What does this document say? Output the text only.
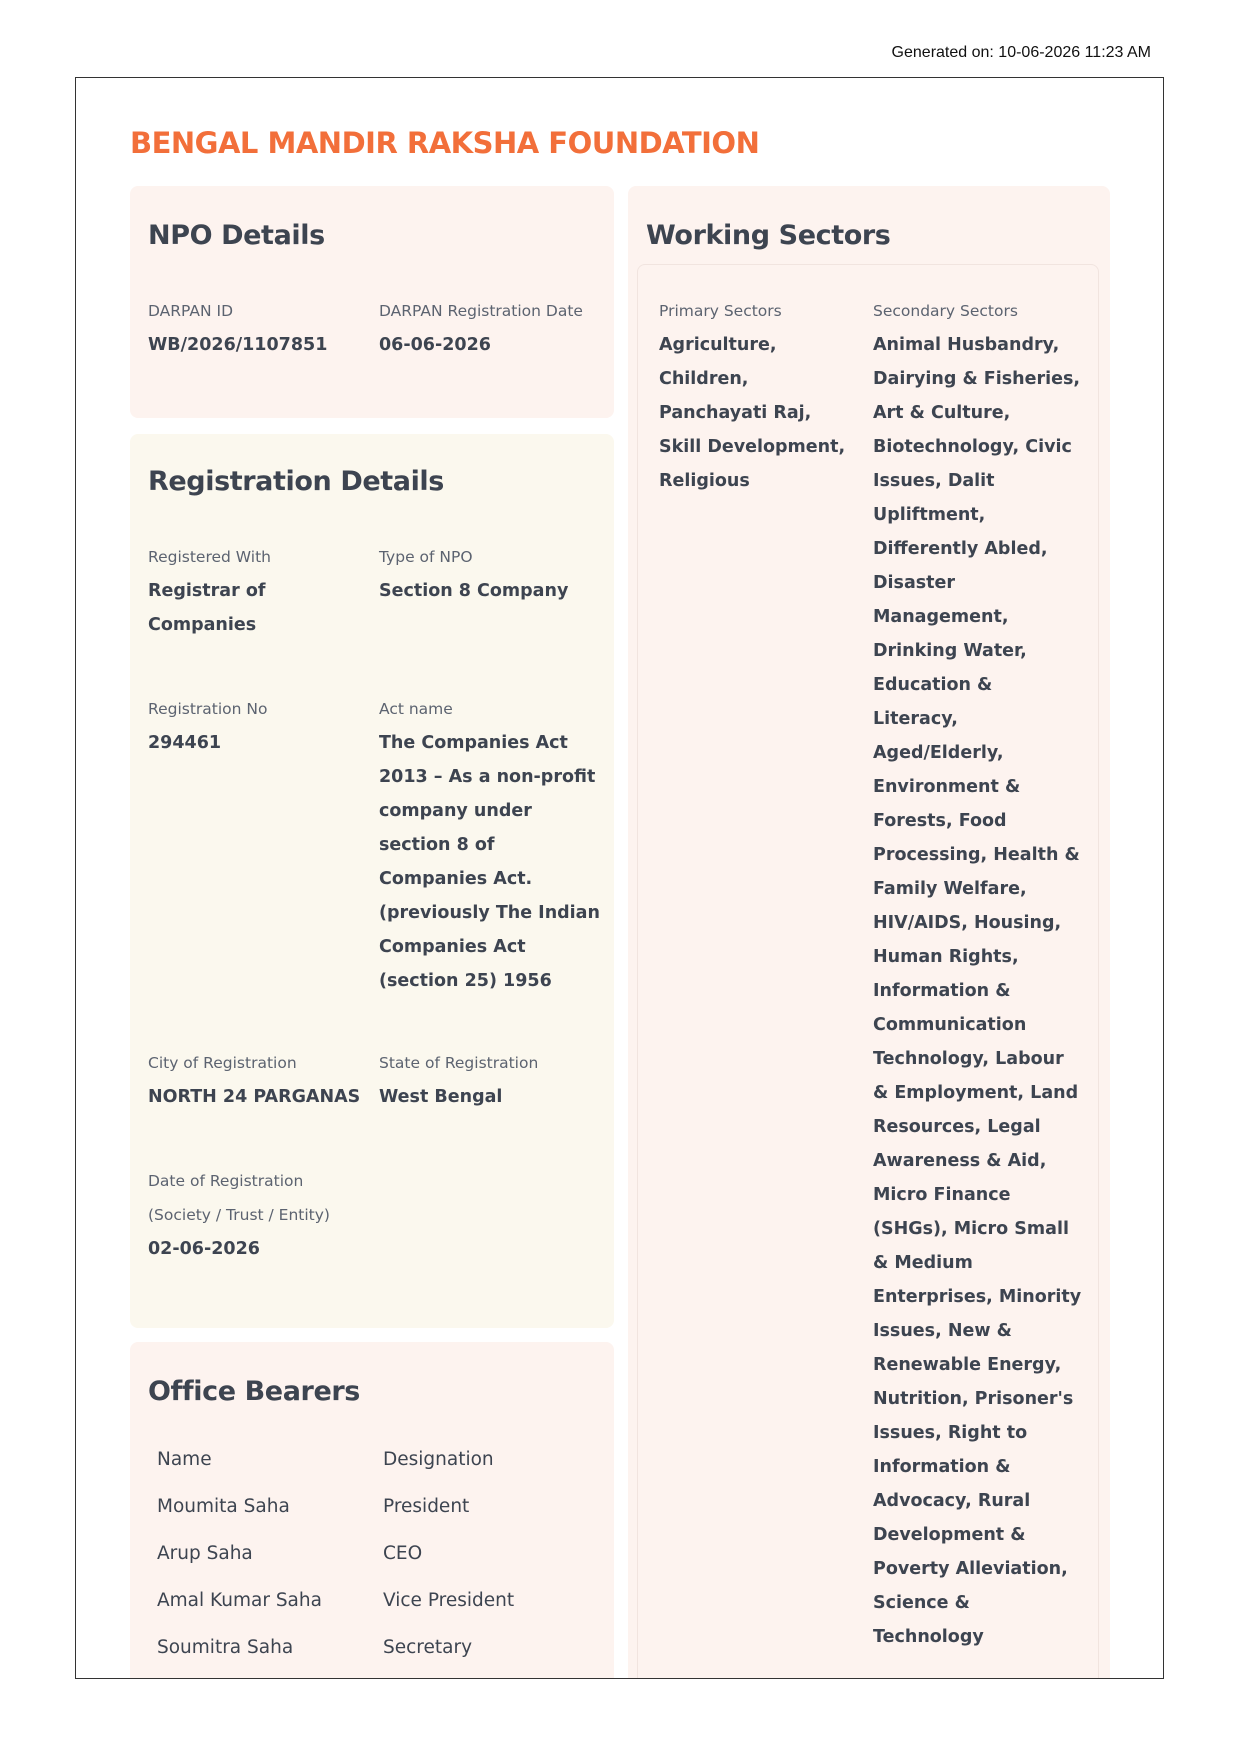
Generated on: 10-06-2026 11:23 AM
BENGAL MANDIR RAKSHA FOUNDATION
NPO Details
DARPAN ID
WB/2026/1107851
DARPAN Registration Date
06-06-2026
Registration Details
Registered With
Registrar of Companies
Type of NPO
Section 8 Company
Registration No
294461
Act name
The Companies Act 2013 – As a non-profit company under section 8 of Companies Act. (previously The Indian Companies Act (section 25) 1956
City of Registration
NORTH 24 PARGANAS
State of Registration
West Bengal
Date of Registration (Society / Trust / Entity)
02-06-2026
Office Bearers
Name	Designation
Moumita Saha	President
Arup Saha	CEO
Amal Kumar Saha	Vice President
Soumitra Saha	Secretary
Working Sectors
Primary Sectors
Agriculture, Children, Panchayati Raj, Skill Development, Religious
Secondary Sectors
Animal Husbandry, Dairying & Fisheries, Art & Culture, Biotechnology, Civic Issues, Dalit Upliftment, Differently Abled, Disaster Management, Drinking Water, Education & Literacy, Aged/Elderly, Environment & Forests, Food Processing, Health & Family Welfare, HIV/AIDS, Housing, Human Rights, Information & Communication Technology, Labour & Employment, Land Resources, Legal Awareness & Aid, Micro Finance (SHGs), Micro Small & Medium Enterprises, Minority Issues, New & Renewable Energy, Nutrition, Prisoner's Issues, Right to Information & Advocacy, Rural Development & Poverty Alleviation, Science & Technology
